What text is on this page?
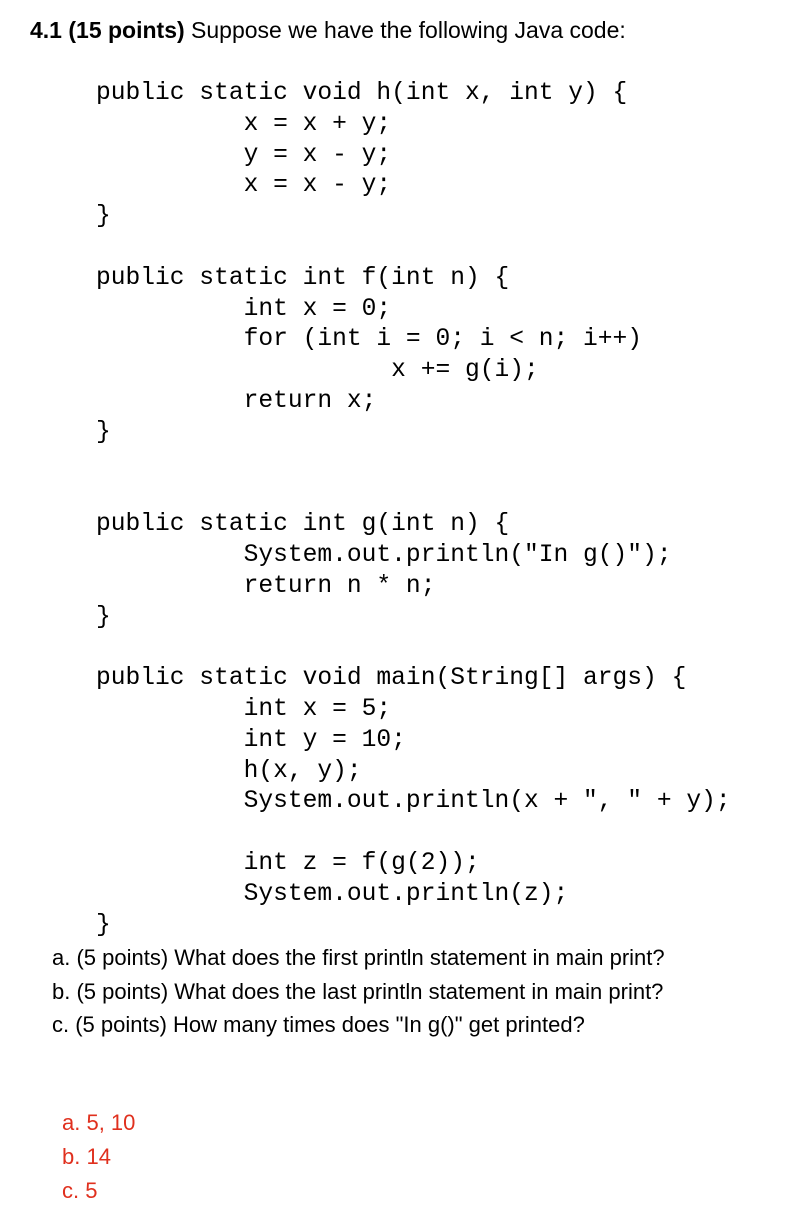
4.1 (15 points) Suppose we have the following Java code:
public static void h(int x, int y) {
x = x + y;
y = x - y;
x = x - y;
}
public static int f(int n) {
int x = 0;
for (int i = 0; i < n; i++)
x += g(i);
return x;
}
public static int g(int n) {
System.out.println("In g()");
return n * n;
}
public static void main(String[] args) {
int x = 5;
int y = 10;
h(x, y);
System.out.println(x + ", " + y);
int z = f(g(2));
System.out.println(z);
}
a. (5 points) What does the first println statement in main print?
b. (5 points) What does the last println statement in main print?
c. (5 points) How many times does "In g()" get printed?
a. 5, 10
b. 14
c. 5
